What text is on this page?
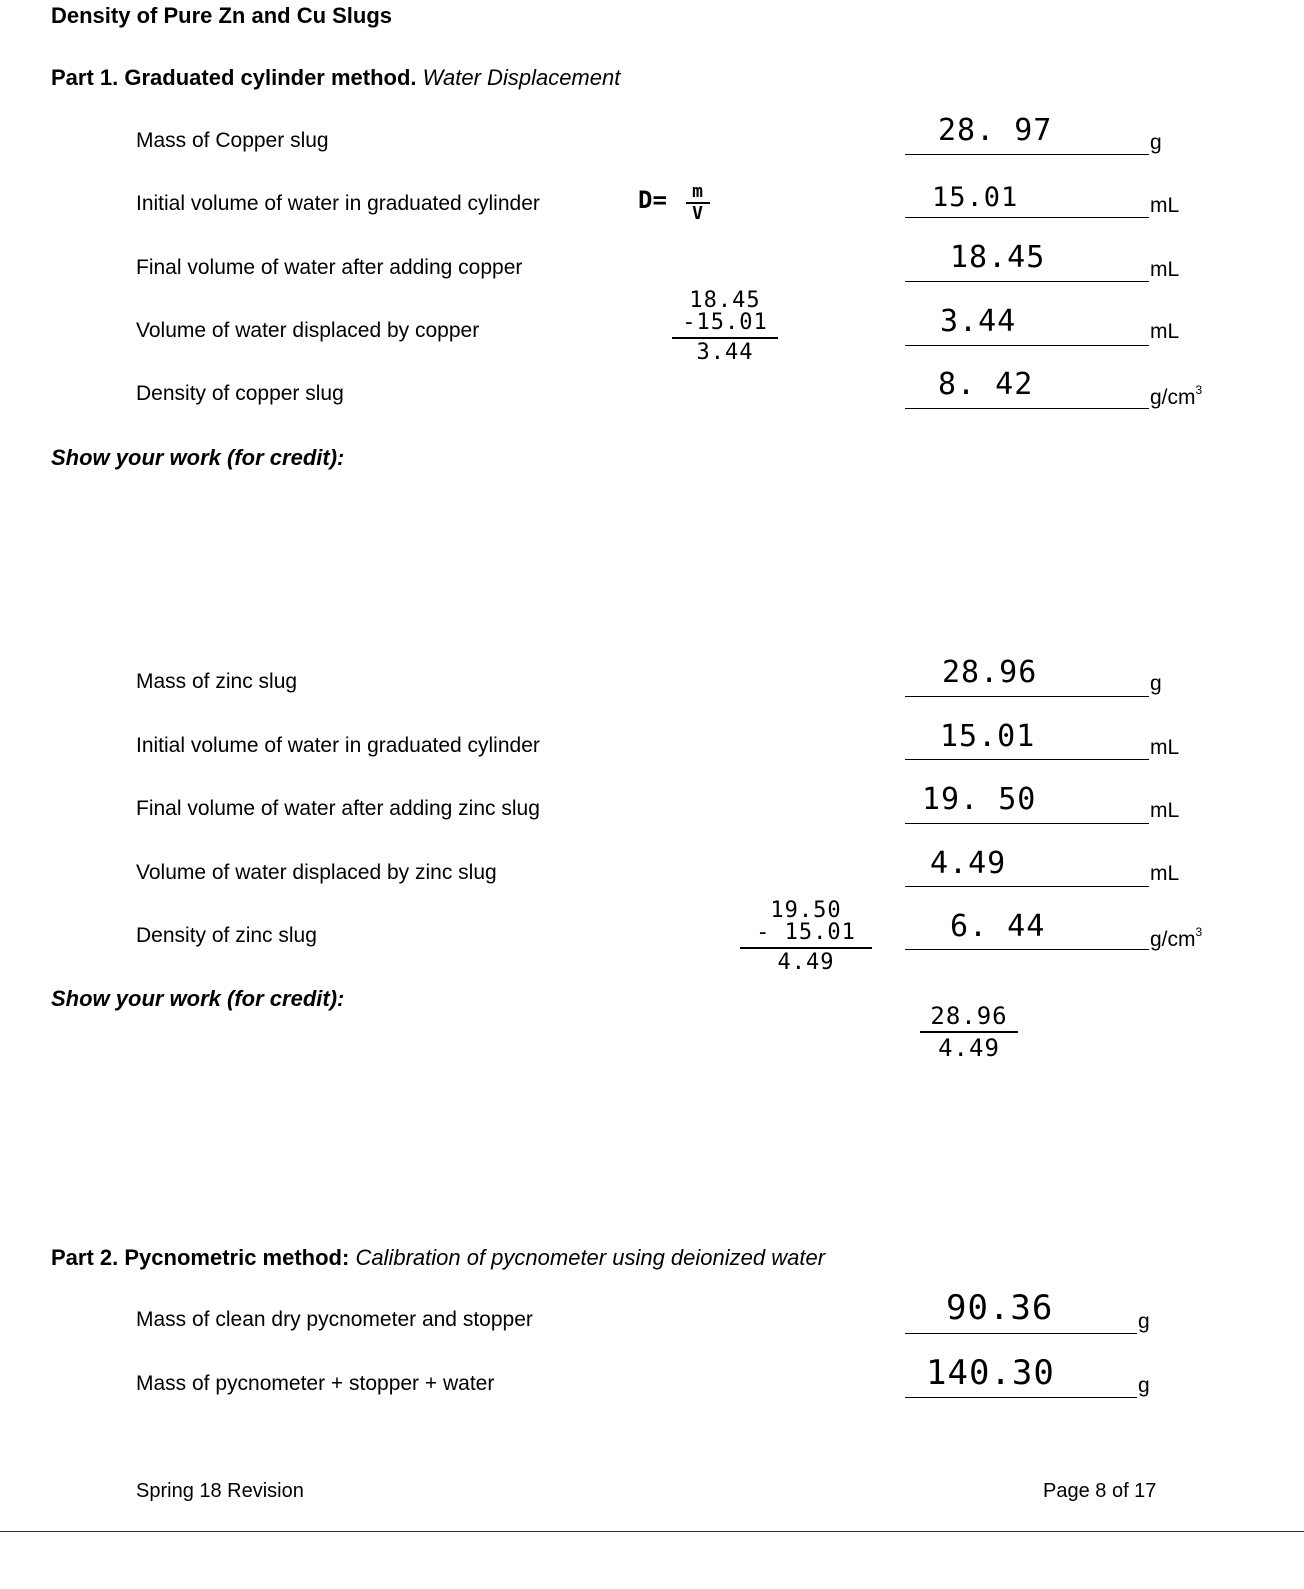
Density of Pure Zn and Cu Slugs
Part 1. Graduated cylinder method. Water Displacement
Mass of Copper slug	28. 97	g
Initial volume of water in graduated cylinder	15.01	mL
Final volume of water after adding copper	18.45	mL
Volume of water displaced by copper	3.44	mL
Density of copper slug	8. 42	$g/cm^3$
D=	m
V
18.45
-15.01
3.44
Show your work (for credit):
Mass of zinc slug	28.96	g
Initial volume of water in graduated cylinder	15.01	mL
Final volume of water after adding zinc slug	19. 50	mL
Volume of water displaced by zinc slug	4.49	mL
Density of zinc slug	6. 44	$g/cm^3$
19.50
- 15.01
4.49
Show your work (for credit):
28.96
4.49
Part 2. Pycnometric method: Calibration of pycnometer using deionized water
Mass of clean dry pycnometer and stopper	90.36	g
Mass of pycnometer + stopper + water	140.30	g
Spring 18 Revision	Page 8 of 17
